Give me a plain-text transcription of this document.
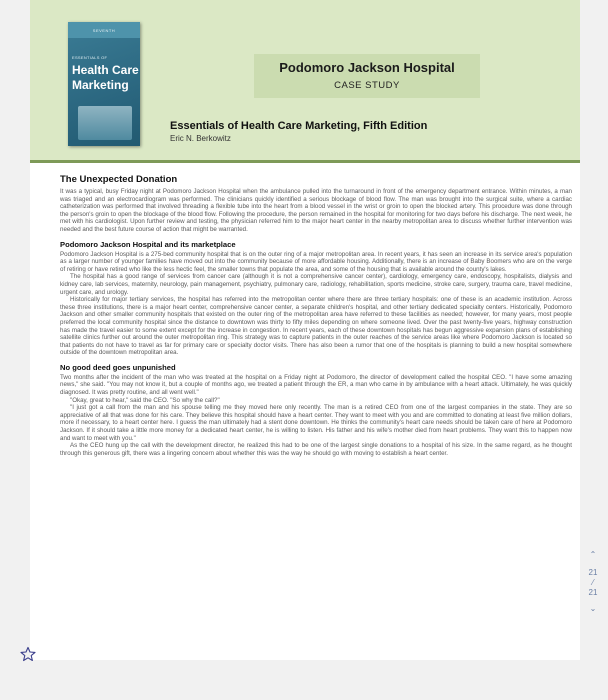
SEVENTH
ESSENTIALS OF
Health Care
Marketing
Podomoro Jackson Hospital
CASE STUDY
Essentials of Health Care Marketing, Fifth Edition
Eric N. Berkowitz
The Unexpected Donation

It was a typical, busy Friday night at Podomoro Jackson Hospital when the ambulance pulled into the turnaround in front of the emergency department entrance. Within minutes, a man was triaged and an electrocardiogram was performed. The clinicians quickly identified a serious blockage of blood flow. The man was brought into the surgical suite, where a cardiac catheterization was performed that involved threading a flexible tube into the heart from a blood vessel in the wrist or groin to open the blocked artery. This procedure was done through the person's groin to open the blockage of the blood flow. Following the procedure, the person remained in the hospital for monitoring for two days before his discharge. The next week, he met with his cardiologist. Upon further review and testing, the physician referred him to the major heart center in the nearby metropolitan area to discuss whether further intervention was needed and the best future course of action that might be warranted.

Podomoro Jackson Hospital and its marketplace

Podomoro Jackson Hospital is a 275-bed community hospital that is on the outer ring of a major metropolitan area. In recent years, it has seen an increase in its service area's population as a larger number of younger families have moved out into the community because of more affordable housing. Additionally, there is an increase of Baby Boomers who are on the verge of retiring or have retired who like the less hectic feel, the smaller towns that populate the area, and some of the housing that is available around the county's lakes.

The hospital has a good range of services from cancer care (although it is not a comprehensive cancer center), cardiology, emergency care, endoscopy, hospitalists, dialysis and kidney care, lab services, maternity, neurology, pain management, psychiatry, pulmonary care, radiology, rehabilitation, sports medicine, stroke care, surgery, trauma care, travel medicine, urgent care, and urology.

Historically for major tertiary services, the hospital has referred into the metropolitan center where there are three tertiary hospitals: one of these is an academic institution. Across these three institutions, there is a major heart center, comprehensive cancer center, a separate children's hospital, and other tertiary dedicated specialty centers. Historically, Podomoro Jackson and other smaller community hospitals that existed on the outer ring of the metropolitan area have referred to these facilities as needed; however, for many years, most people preferred the local community hospital since the distance to downtown was thirty to fifty miles depending on where someone lived. Over the past twenty-five years, highway construction has made the travel easier to some extent except for the increase in congestion. In recent years, each of these downtown hospitals has begun aggressive expansion plans of establishing satellite clinics further out around the outer metropolitan ring. This strategy was to capture patients in the outer reaches of the service areas like where Podomoro Jackson is located so that patients do not have to travel as far for primary care or specialty doctor visits. There has also been a rumor that one of the hospitals is planning to build a new hospital somewhere outside of the downtown metropolitan area.

No good deed goes unpunished

Two months after the incident of the man who was treated at the hospital on a Friday night at Podomoro, the director of development called the hospital CEO. "I have some amazing news," she said. "You may not know it, but a couple of months ago, we treated a patient through the ER, a man who came in by ambulance with a heart attack. Ultimately, he was quickly diagnosed. It was pretty routine, and all went well."

"Okay, great to hear," said the CEO. "So why the call?"

"I just got a call from the man and his spouse telling me they moved here only recently. The man is a retired CEO from one of the largest companies in the state. They are so appreciative of all that was done for his care. They believe this hospital should have a heart center. They want to meet with you and are committed to donating at least five million dollars, more if necessary, to a heart center here. I guess the man ultimately had a stent done downtown. He thinks the community's heart care needs should be taken care of here at Podomoro Jackson. If it should take a little more money for a dedicated heart center, he is willing to listen. His father and his wife's mother died from heart problems. They want this to happen now and want to meet with you."

As the CEO hung up the call with the development director, he realized this had to be one of the largest single donations to a hospital of his size. In the same regard, as he thought through this generous gift, there was a lingering concern about whether this was the way he should go with moving to establish a heart center.

⌃
21
⁄
21
⌄
